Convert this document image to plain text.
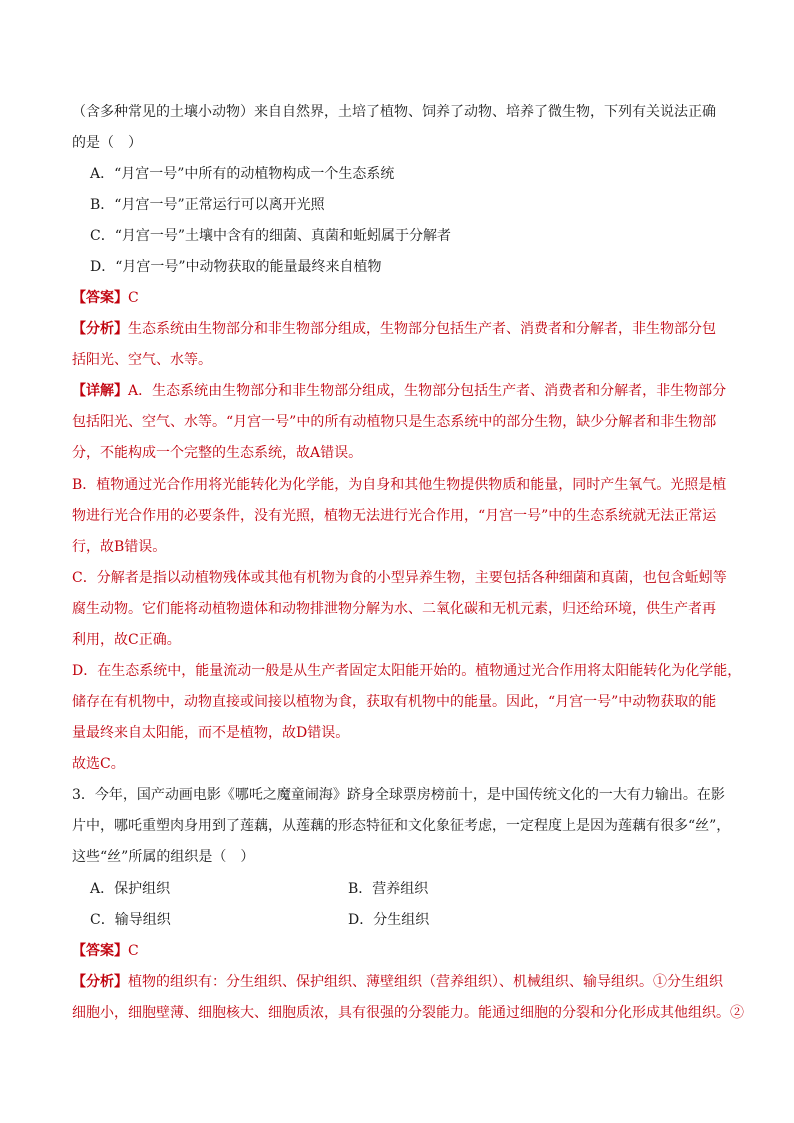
（含多种常见的土壤小动物）来自自然界，土培了植物、饲养了动物、培养了微生物，下列有关说法正确
的是（　）
A．“月宫一号”中所有的动植物构成一个生态系统
B．“月宫一号”正常运行可以离开光照
C．“月宫一号”土壤中含有的细菌、真菌和蚯蚓属于分解者
D．“月宫一号”中动物获取的能量最终来自植物
【答案】C
【分析】生态系统由生物部分和非生物部分组成，生物部分包括生产者、消费者和分解者，非生物部分包
括阳光、空气、水等。
【详解】A．生态系统由生物部分和非生物部分组成，生物部分包括生产者、消费者和分解者，非生物部分
包括阳光、空气、水等。“月宫一号”中的所有动植物只是生态系统中的部分生物，缺少分解者和非生物部
分，不能构成一个完整的生态系统，故A错误。
B．植物通过光合作用将光能转化为化学能，为自身和其他生物提供物质和能量，同时产生氧气。光照是植
物进行光合作用的必要条件，没有光照，植物无法进行光合作用，“月宫一号”中的生态系统就无法正常运
行，故B错误。
C．分解者是指以动植物残体或其他有机物为食的小型异养生物，主要包括各种细菌和真菌，也包含蚯蚓等
腐生动物。它们能将动植物遗体和动物排泄物分解为水、二氧化碳和无机元素，归还给环境，供生产者再
利用，故C正确。
D．在生态系统中，能量流动一般是从生产者固定太阳能开始的。植物通过光合作用将太阳能转化为化学能，
储存在有机物中，动物直接或间接以植物为食，获取有机物中的能量。因此，“月宫一号”中动物获取的能
量最终来自太阳能，而不是植物，故D错误。
故选C。
3．今年，国产动画电影《哪吒之魔童闹海》跻身全球票房榜前十，是中国传统文化的一大有力输出。在影
片中，哪吒重塑肉身用到了莲藕，从莲藕的形态特征和文化象征考虑，一定程度上是因为莲藕有很多“丝”，
这些“丝”所属的组织是（　）
A．保护组织	B．营养组织
C．输导组织	D．分生组织
【答案】C
【分析】植物的组织有：分生组织、保护组织、薄壁组织（营养组织）、机械组织、输导组织。①分生组织
细胞小，细胞壁薄、细胞核大、细胞质浓，具有很强的分裂能力。能通过细胞的分裂和分化形成其他组织。②
